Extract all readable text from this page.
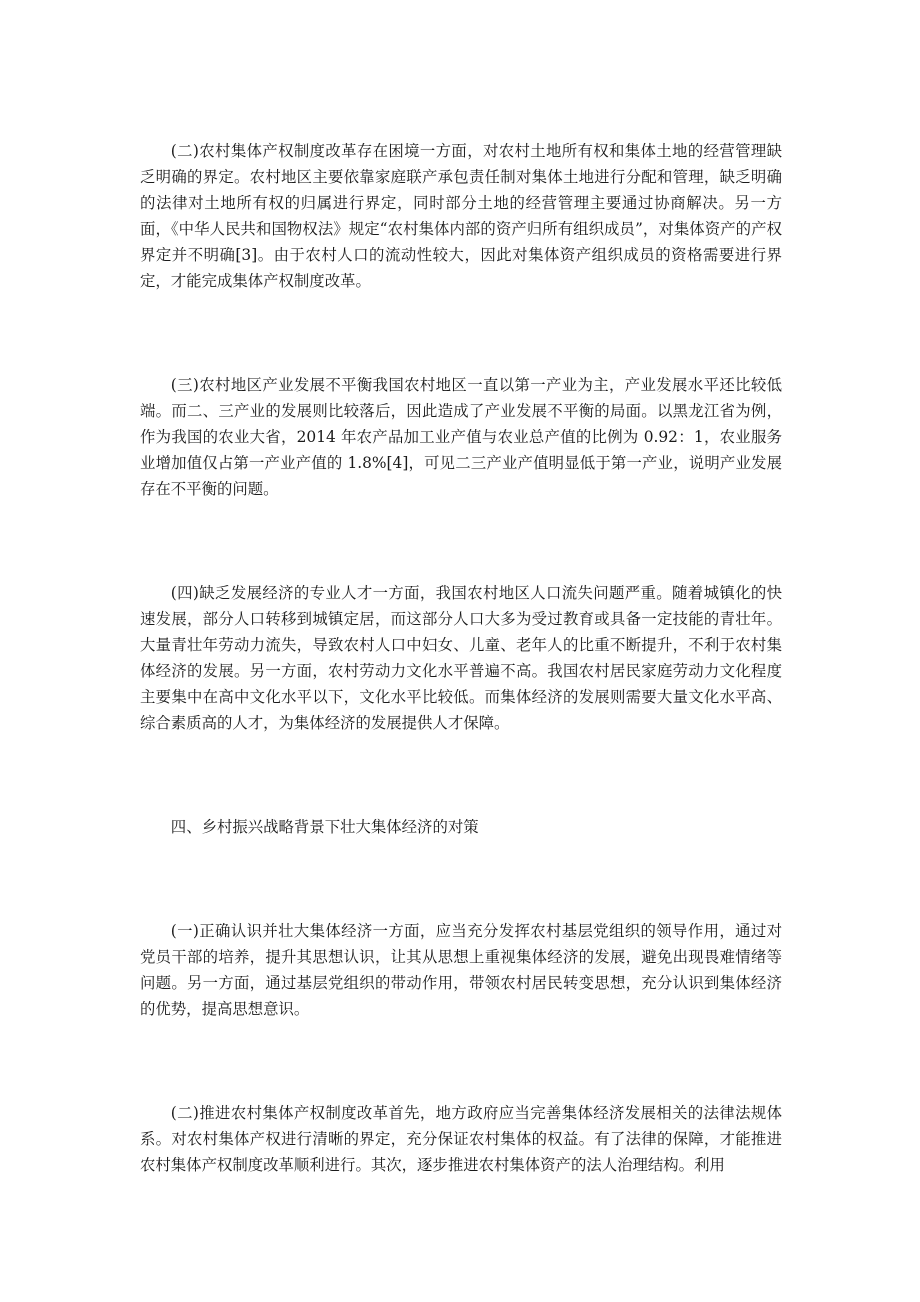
(二)农村集体产权制度改革存在困境一方面，对农村土地所有权和集体土地的经营管理缺乏明确的界定。农村地区主要依靠家庭联产承包责任制对集体土地进行分配和管理，缺乏明确的法律对土地所有权的归属进行界定，同时部分土地的经营管理主要通过协商解决。另一方面，《中华人民共和国物权法》规定“农村集体内部的资产归所有组织成员”，对集体资产的产权界定并不明确[3]。由于农村人口的流动性较大，因此对集体资产组织成员的资格需要进行界定，才能完成集体产权制度改革。

(三)农村地区产业发展不平衡我国农村地区一直以第一产业为主，产业发展水平还比较低端。而二、三产业的发展则比较落后，因此造成了产业发展不平衡的局面。以黑龙江省为例，作为我国的农业大省，2014 年农产品加工业产值与农业总产值的比例为 0.92：1，农业服务业增加值仅占第一产业产值的 1.8%[4]，可见二三产业产值明显低于第一产业，说明产业发展存在不平衡的问题。

(四)缺乏发展经济的专业人才一方面，我国农村地区人口流失问题严重。随着城镇化的快速发展，部分人口转移到城镇定居，而这部分人口大多为受过教育或具备一定技能的青壮年。大量青壮年劳动力流失，导致农村人口中妇女、儿童、老年人的比重不断提升，不利于农村集体经济的发展。另一方面，农村劳动力文化水平普遍不高。我国农村居民家庭劳动力文化程度主要集中在高中文化水平以下，文化水平比较低。而集体经济的发展则需要大量文化水平高、综合素质高的人才，为集体经济的发展提供人才保障。

四、乡村振兴战略背景下壮大集体经济的对策

(一)正确认识并壮大集体经济一方面，应当充分发挥农村基层党组织的领导作用，通过对党员干部的培养，提升其思想认识，让其从思想上重视集体经济的发展，避免出现畏难情绪等问题。另一方面，通过基层党组织的带动作用，带领农村居民转变思想，充分认识到集体经济的优势，提高思想意识。

(二)推进农村集体产权制度改革首先，地方政府应当完善集体经济发展相关的法律法规体系。对农村集体产权进行清晰的界定，充分保证农村集体的权益。有了法律的保障，才能推进农村集体产权制度改革顺利进行。其次，逐步推进农村集体资产的法人治理结构。利用
